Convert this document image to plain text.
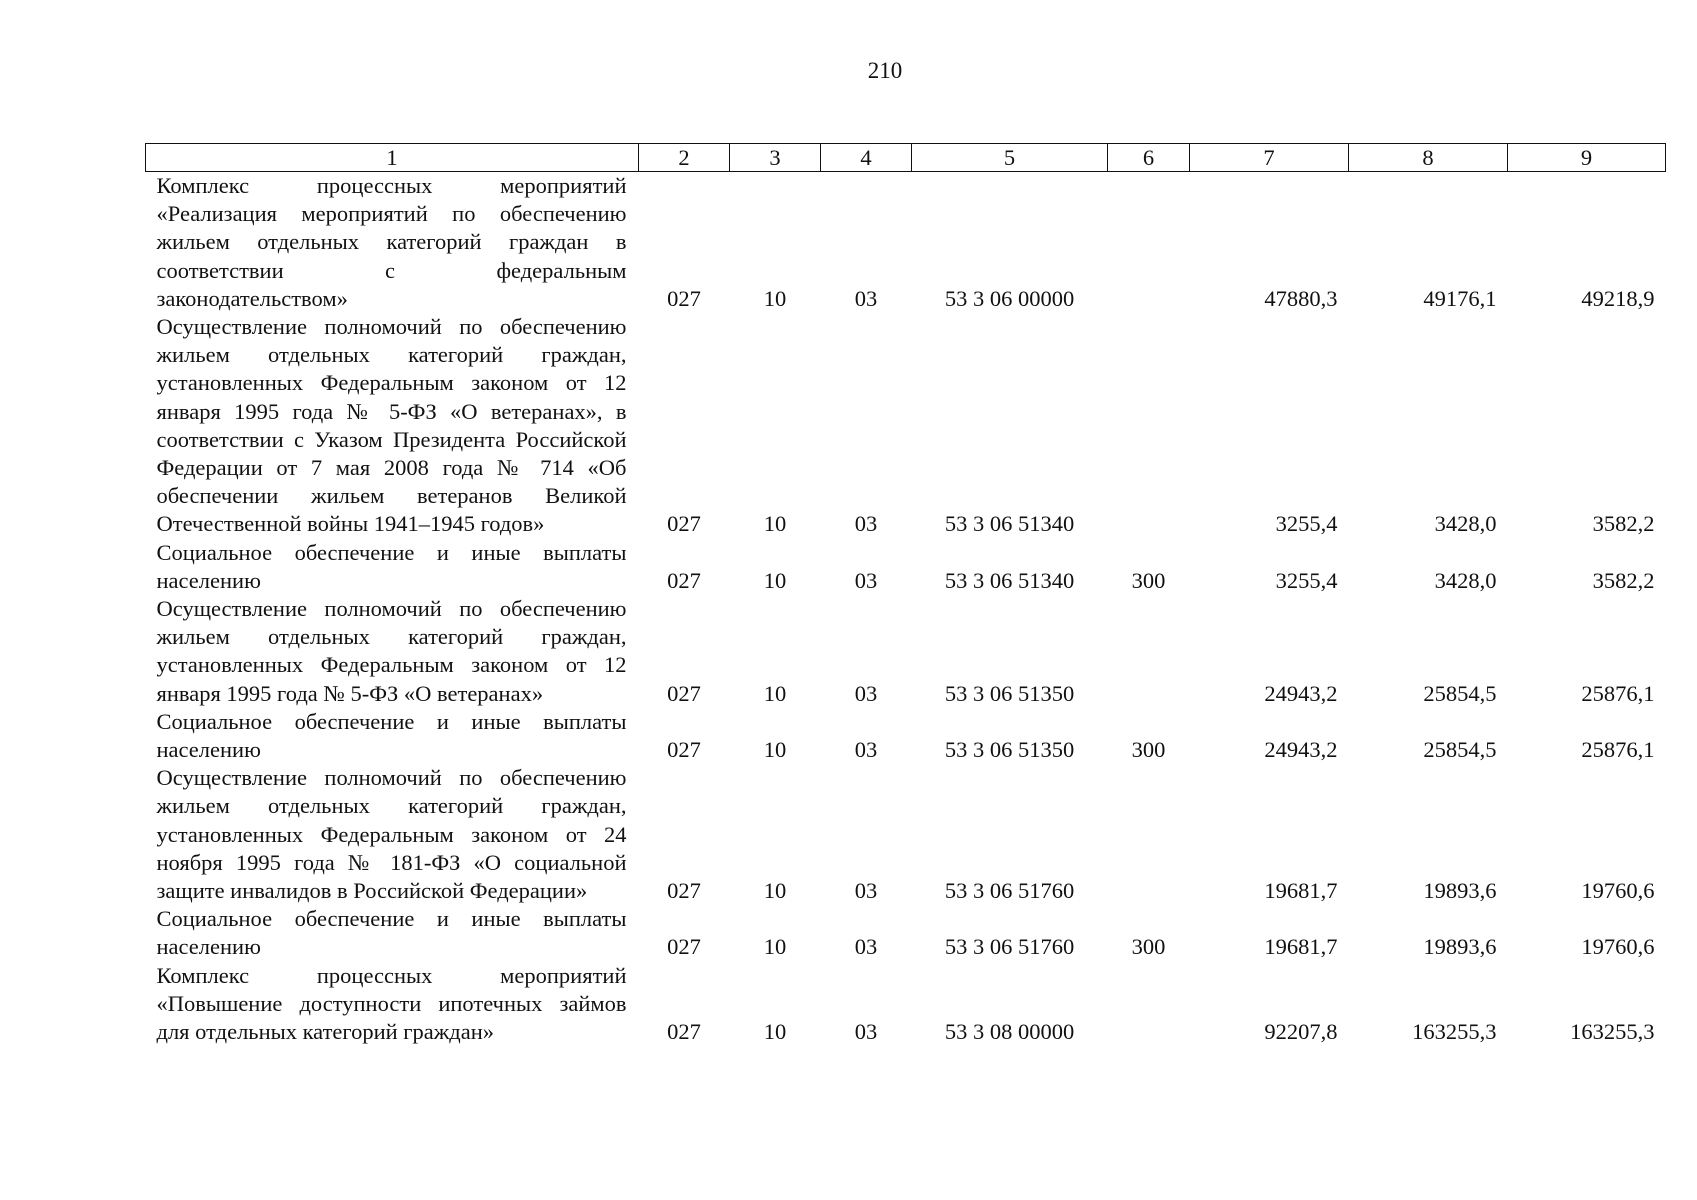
210
1	2	3	4	5	6	7	8	9
Комплекс процессных мероприятий «Реализация мероприятий по обеспечению жильем отдельных категорий граждан в соответствии с федеральным законодательством»	027	10	03	53 3 06 00000		47880,3	49176,1	49218,9
Осуществление полномочий по обеспечению жильем отдельных категорий граждан, установленных Федеральным законом от 12 января 1995 года № 5-ФЗ «О ветеранах», в соответствии с Указом Президента Российской Федерации от 7 мая 2008 года № 714 «Об обеспечении жильем ветеранов Великой Отечественной войны 1941–1945 годов»	027	10	03	53 3 06 51340		3255,4	3428,0	3582,2
Социальное обеспечение и иные выплаты населению	027	10	03	53 3 06 51340	300	3255,4	3428,0	3582,2
Осуществление полномочий по обеспечению жильем отдельных категорий граждан, установленных Федеральным законом от 12 января 1995 года № 5-ФЗ «О ветеранах»	027	10	03	53 3 06 51350		24943,2	25854,5	25876,1
Социальное обеспечение и иные выплаты населению	027	10	03	53 3 06 51350	300	24943,2	25854,5	25876,1
Осуществление полномочий по обеспечению жильем отдельных категорий граждан, установленных Федеральным законом от 24 ноября 1995 года № 181-ФЗ «О социальной защите инвалидов в Российской Федерации»	027	10	03	53 3 06 51760		19681,7	19893,6	19760,6
Социальное обеспечение и иные выплаты населению	027	10	03	53 3 06 51760	300	19681,7	19893,6	19760,6
Комплекс процессных мероприятий «Повышение доступности ипотечных займов для отдельных категорий граждан»	027	10	03	53 3 08 00000		92207,8	163255,3	163255,3
